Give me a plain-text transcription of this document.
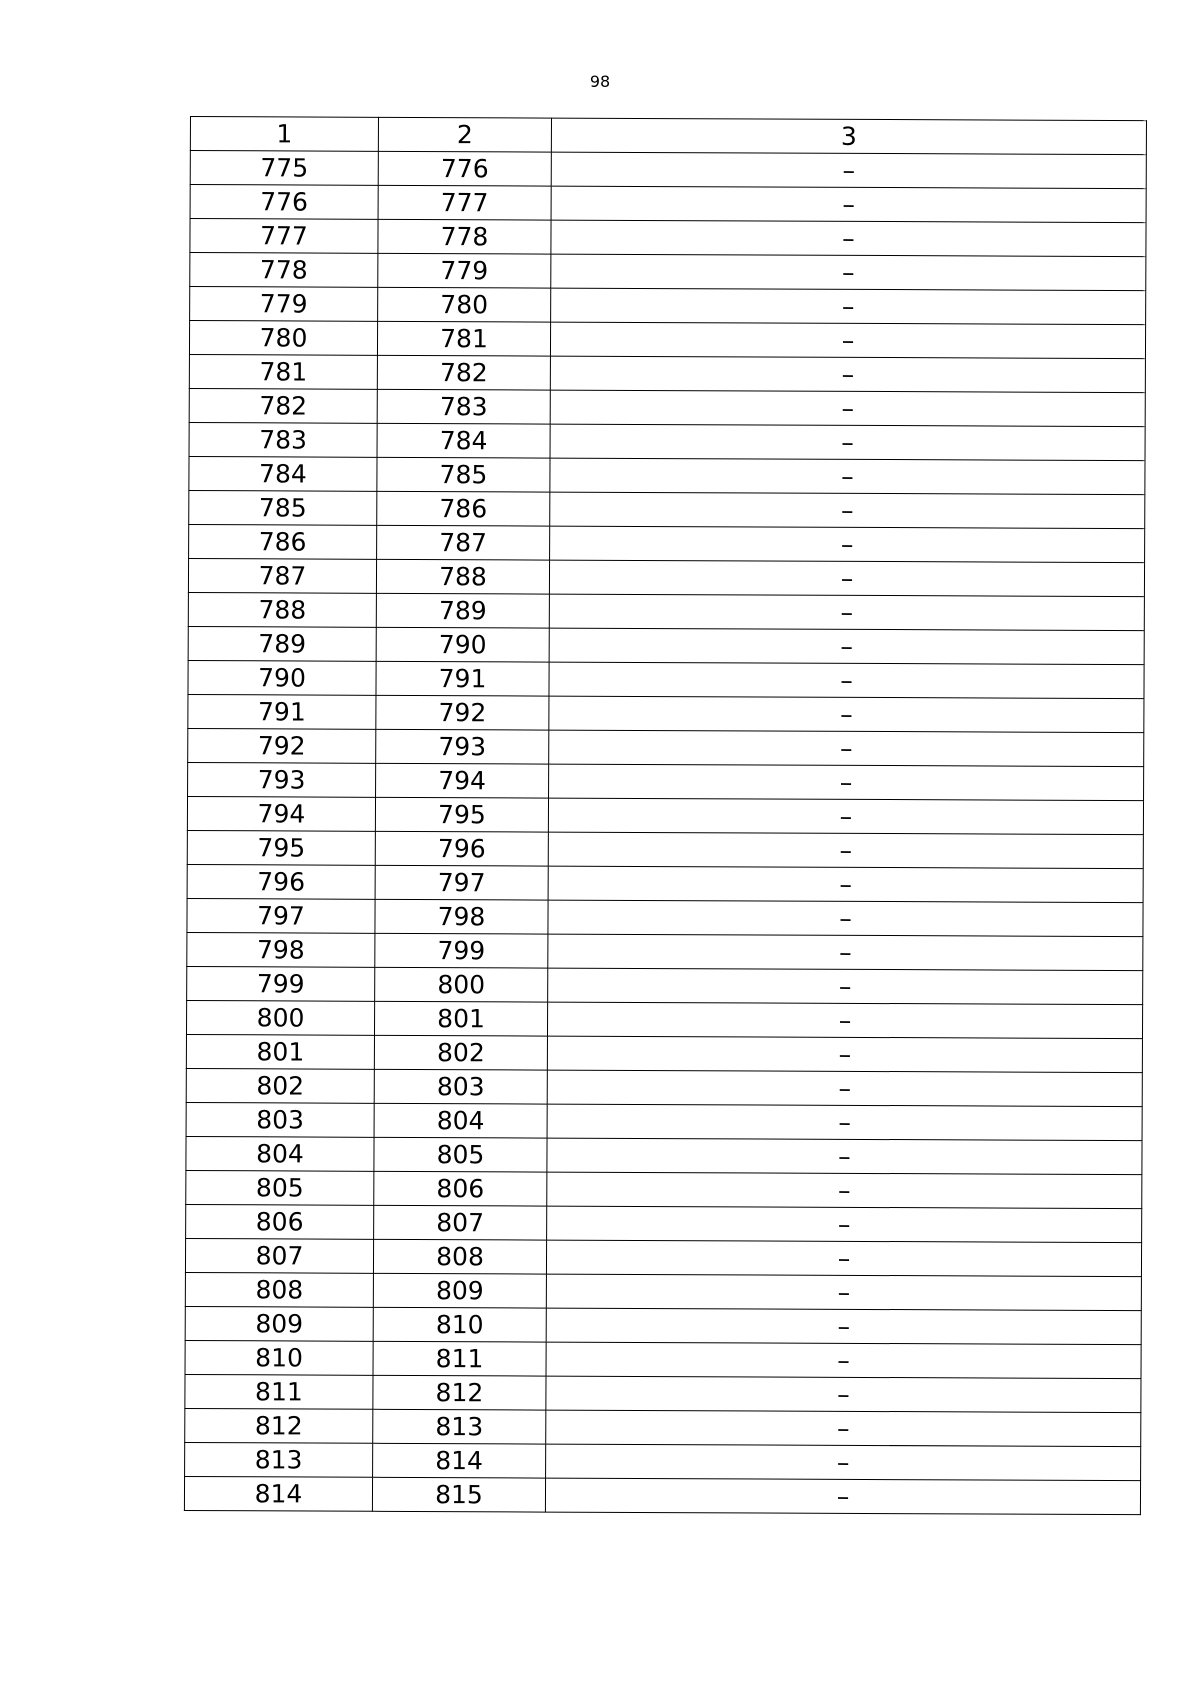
98
1	2	3
775	776	–
776	777	–
777	778	–
778	779	–
779	780	–
780	781	–
781	782	–
782	783	–
783	784	–
784	785	–
785	786	–
786	787	–
787	788	–
788	789	–
789	790	–
790	791	–
791	792	–
792	793	–
793	794	–
794	795	–
795	796	–
796	797	–
797	798	–
798	799	–
799	800	–
800	801	–
801	802	–
802	803	–
803	804	–
804	805	–
805	806	–
806	807	–
807	808	–
808	809	–
809	810	–
810	811	–
811	812	–
812	813	–
813	814	–
814	815	–
